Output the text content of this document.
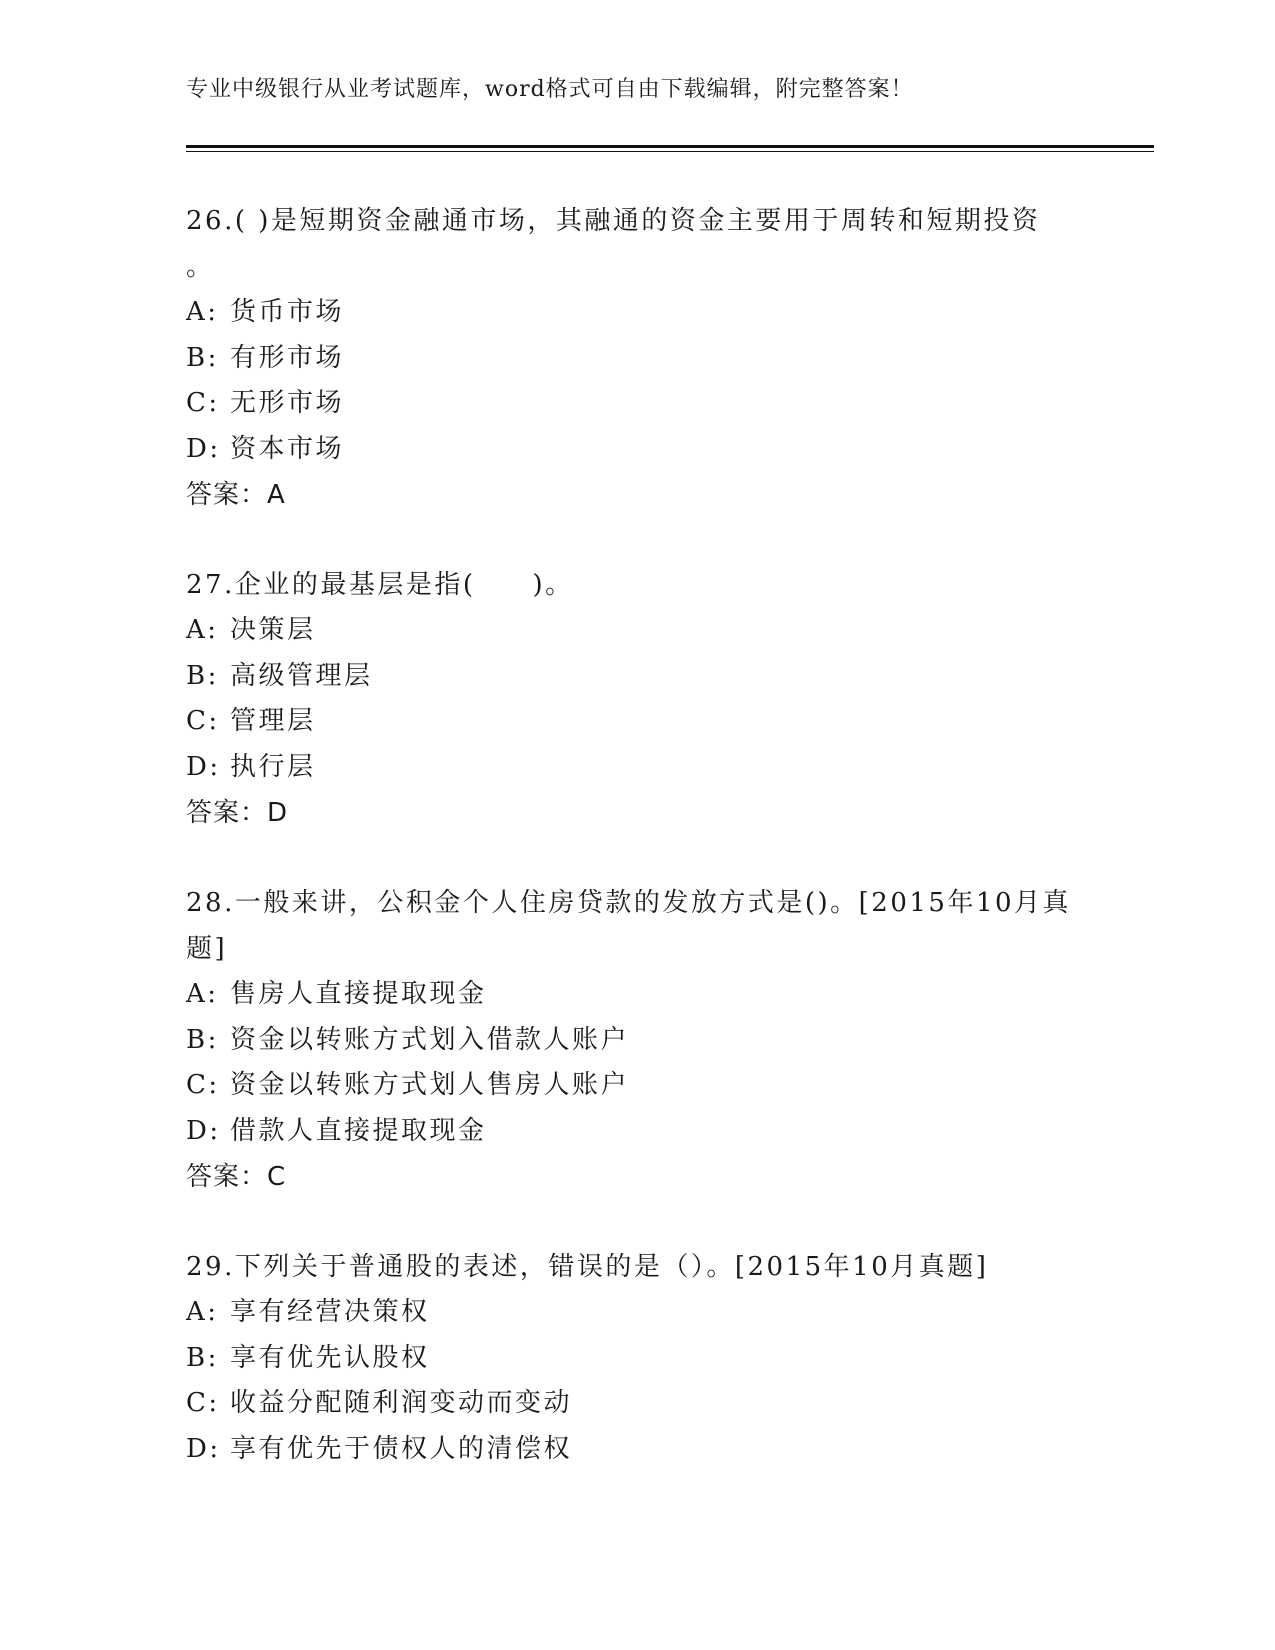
专业中级银行从业考试题库，word格式可自由下载编辑，附完整答案！
26.( )是短期资金融通市场，其融通的资金主要用于周转和短期投资
。
A: 货币市场
B: 有形市场
C: 无形市场
D: 资本市场
答案：A
27.企业的最基层是指(　　)。
A: 决策层
B: 高级管理层
C: 管理层
D: 执行层
答案：D
28.一般来讲，公积金个人住房贷款的发放方式是()。[2015年10月真
题]
A: 售房人直接提取现金
B: 资金以转账方式划入借款人账户
C: 资金以转账方式划人售房人账户
D: 借款人直接提取现金
答案：C
29.下列关于普通股的表述，错误的是（）。[2015年10月真题]
A: 享有经营决策权
B: 享有优先认股权
C: 收益分配随利润变动而变动
D: 享有优先于债权人的清偿权
